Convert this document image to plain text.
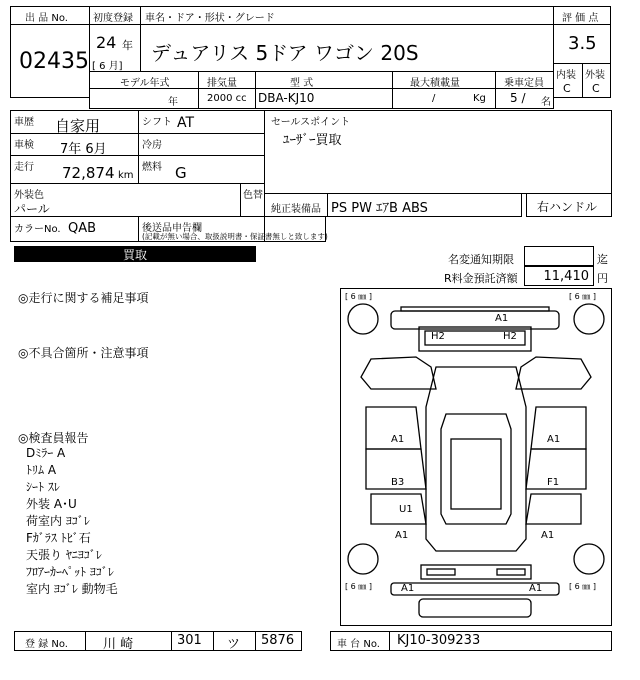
出 品 No.
02435
初度登録
24 年
[ 6 月]
車名・ドア・形状・グレード
デュアリス 5ドア ワゴン 20S
評 価 点
3.5
内装
C
外装
C
モデル年式
年
排気量
2000 cc
型 式
DBA-KJ10
最大積載量
/	Kg
乗車定員
5 / 名
車歴 自家用	シフト AT
車検 7年 6月	冷房
走行 72,874 km
燃料 G
外装色
パール
色替
カラーNo. QAB	後送品申告欄
(記載が無い場合、取扱説明書・保証書無しと致します)
セールスポイント
ﾕｰｻﾞｰ買取
純正装備品 PS PW ｴｱB ABS	右ハンドル
買取	名変通知期限	迄
R料金預託済額 11,410 円
◎走行に関する補足事項
◎不具合箇所・注意事項
◎検査員報告
Dﾐﾗｰ A
ﾄﾘﾑ A
ｼｰﾄ ｽﾚ
外装 A･U
荷室内 ﾖｺﾞﾚ
Fｶﾞﾗｽ ﾄﾋﾞ石
天張り ﾔﾆﾖｺﾞﾚ
ﾌﾛｱｰｶｰﾍﾟｯﾄ ﾖｺﾞﾚ
室内 ﾖｺﾞﾚ 動物毛
[ 6 ㎜ ]	[ 6 ㎜ ]
[ 6 ㎜ ]	[ 6 ㎜ ]
A1
H2	H2
A1	A1
B3	F1
U1
A1	A1
A1	A1
登 録 No.	川 崎	301 ツ 5876	車 台 No. KJ10-309233
